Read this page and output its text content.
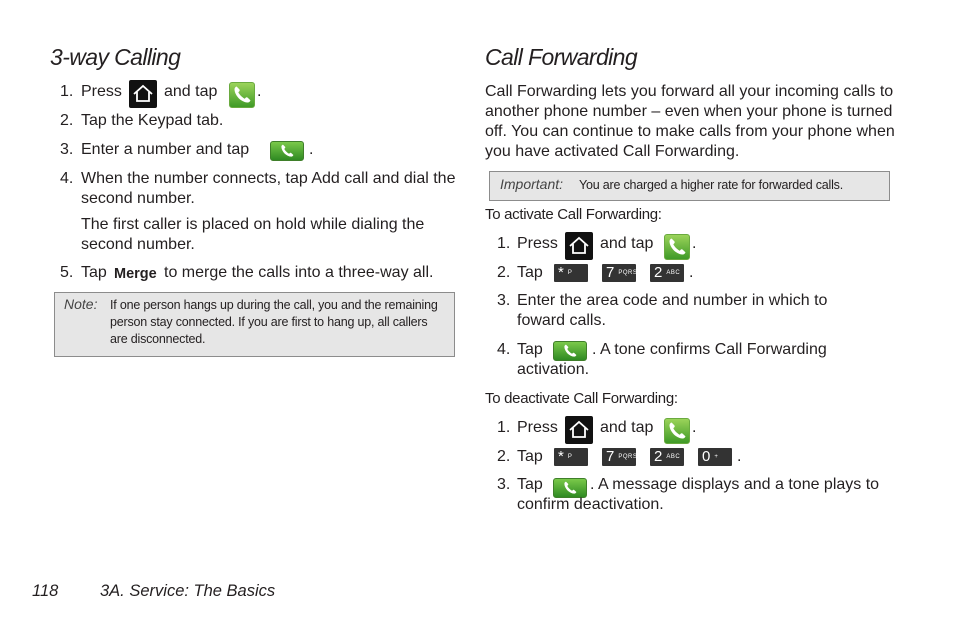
3-way Calling
1. Press	and tap .
2. Tap the Keypad tab.
3. Enter a number and tap	.
4. When the number connects, tap Add call and dial the second number.
The first caller is placed on hold while dialing the second number.
5. Tap Merge to merge the calls into a three-way all.
Note: If one person hangs up during the call, you and the remaining person stay connected. If you are first to hang up, all callers are disconnected.
Call Forwarding
Call Forwarding lets you forward all your incoming calls to another phone number – even when your phone is turned off. You can continue to make calls from your phone when you have activated Call Forwarding.
Important: You are charged a higher rate for forwarded calls.
To activate Call Forwarding:
1. Press	and tap .
2. Tap * P	7 PQRS 2 ABC .
3. Enter the area code and number in which to foward calls.
4. Tap	. A tone confirms Call Forwarding activation.
To deactivate Call Forwarding:
1. Press	and tap .
2. Tap * P	7 PQRS 2 ABC 0 +	.
3. Tap	. A message displays and a tone plays to confirm deactivation.
118	3A. Service: The Basics
